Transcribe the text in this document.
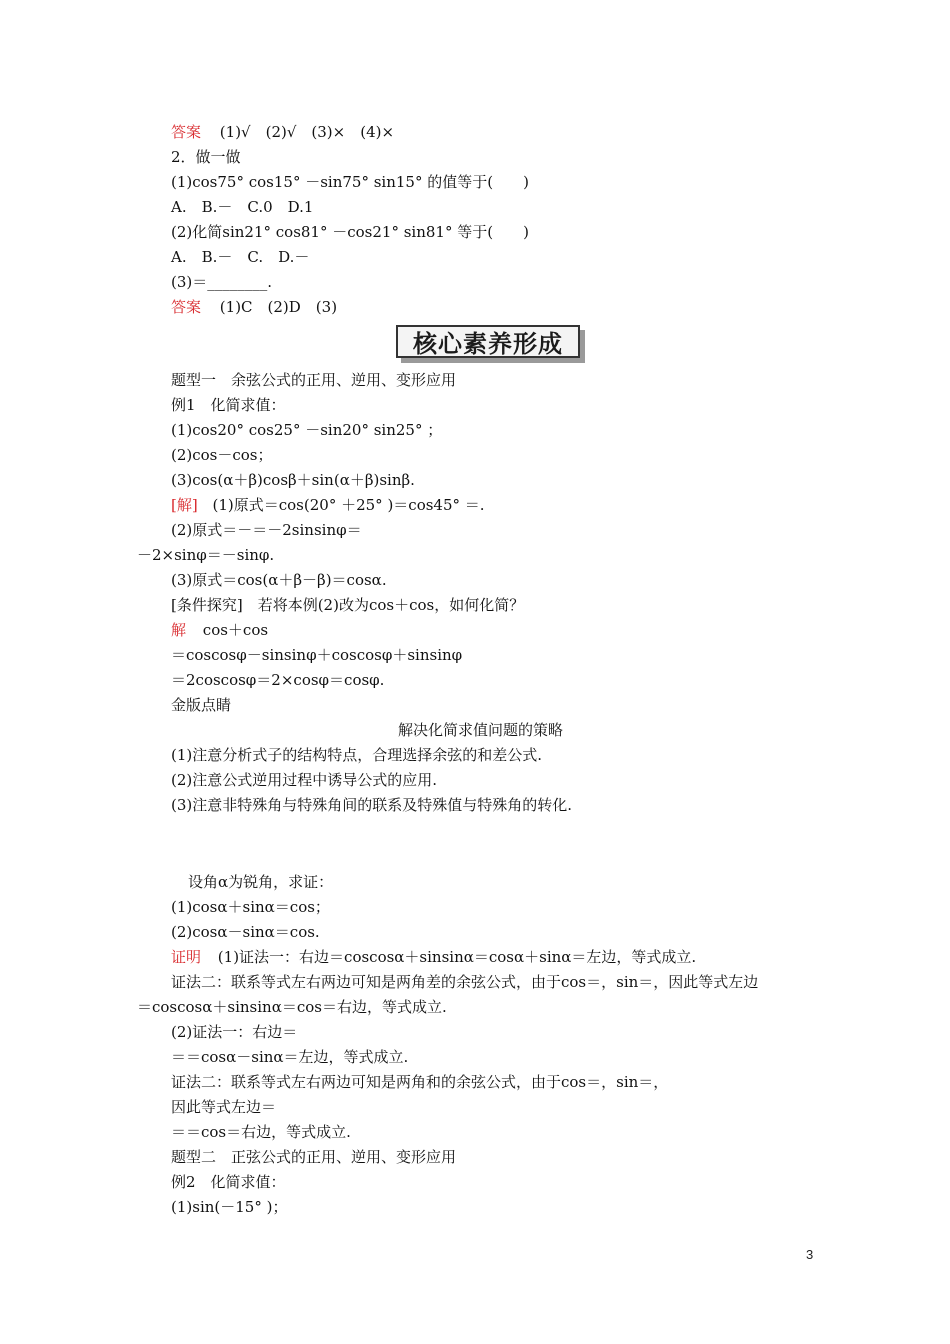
答案 (1)√　(2)√　(3)×　(4)×
2．做一做
(1)cos75° cos15° －sin75° sin15° 的值等于(　　)
A.　B.－　C.0　D.1
(2)化简sin21° cos81° －cos21° sin81° 等于(　　)
A.　B.－　C.　D.－
(3)＝________.
答案 (1)C　(2)D　(3)
核心素养形成
题型一　余弦公式的正用、逆用、变形应用
例1　化简求值：
(1)cos20° cos25° －sin20° sin25° ；
(2)cos－cos；
(3)cos(α＋β)cosβ＋sin(α＋β)sinβ.
[解] (1)原式＝cos(20° ＋25° )＝cos45° ＝.
(2)原式＝－＝－2sinsinφ＝
－2×sinφ＝－sinφ.
(3)原式＝cos(α＋β－β)＝cosα.
[条件探究]　若将本例(2)改为cos＋cos，如何化简？
解 cos＋cos
＝coscosφ－sinsinφ＋coscosφ＋sinsinφ
＝2coscosφ＝2×cosφ＝cosφ.
金版点睛
解决化简求值问题的策略
(1)注意分析式子的结构特点，合理选择余弦的和差公式.
(2)注意公式逆用过程中诱导公式的应用.
(3)注意非特殊角与特殊角间的联系及特殊值与特殊角的转化.
设角α为锐角，求证：
(1)cosα＋sinα＝cos；
(2)cosα－sinα＝cos.
证明 (1)证法一：右边＝coscosα＋sinsinα＝cosα＋sinα＝左边，等式成立.
证法二：联系等式左右两边可知是两角差的余弦公式，由于cos＝，sin＝，因此等式左边
＝coscosα＋sinsinα＝cos＝右边，等式成立.
(2)证法一：右边＝
＝＝cosα－sinα＝左边，等式成立.
证法二：联系等式左右两边可知是两角和的余弦公式，由于cos＝，sin＝，
因此等式左边＝
＝＝cos＝右边，等式成立.
题型二　正弦公式的正用、逆用、变形应用
例2　化简求值：
(1)sin(－15° )；
3
